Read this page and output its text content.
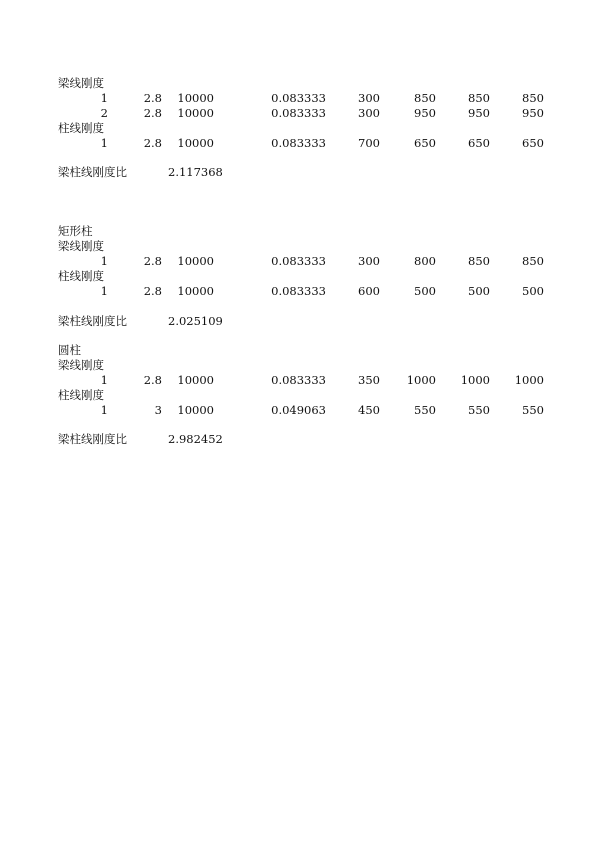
梁线刚度
1	2.8 10000	0.083333	300	850	850	850
2	2.8 10000	0.083333	300	950	950	950
柱线刚度
1	2.8 10000	0.083333	700	650	650	650
梁柱线刚度比	2.117368
矩形柱
梁线刚度
1	2.8 10000	0.083333	300	800	850	850
柱线刚度
1	2.8 10000	0.083333	600	500	500	500
梁柱线刚度比	2.025109
圆柱
梁线刚度
1	2.8 10000	0.083333	350 1000 1000 1000
柱线刚度
1	3 10000	0.049063	450	550	550	550
梁柱线刚度比	2.982452
